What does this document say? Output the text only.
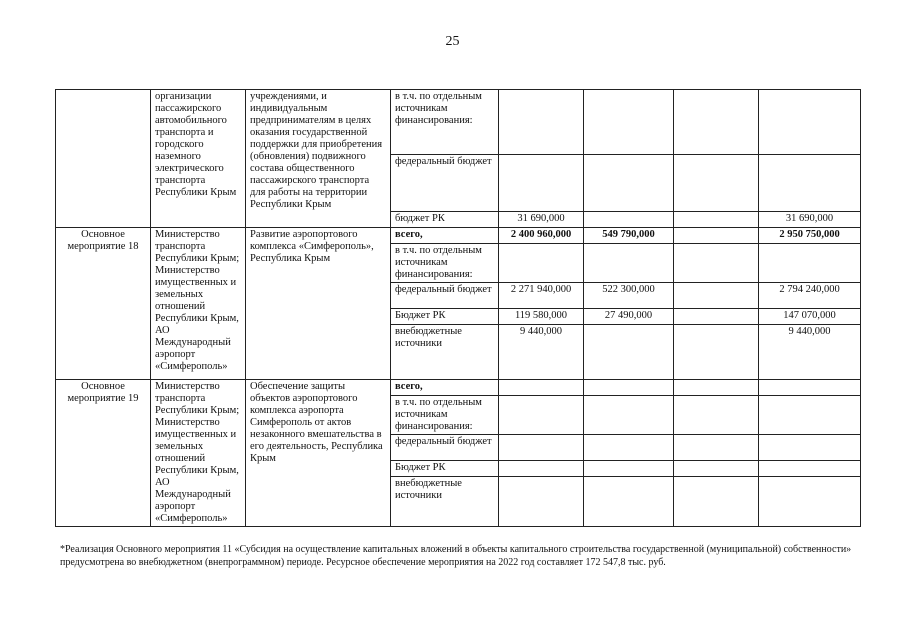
25
	организации пассажирского автомобильного транспорта и городского наземного электрического транспорта Республики Крым	учреждениями, и индивидуальным предпринимателям в целях оказания государственной поддержки для приобретения (обновления) подвижного состава общественного пассажирского транспорта для работы на территории Республики Крым	в т.ч. по отдельным источникам финансирования:				
			федеральный бюджет				
			бюджет РК	31 690,000			31 690,000
Основное мероприятие 18	Министерство транспорта Республики Крым; Министерство имущественных и земельных отношений Республики Крым, АО Международный аэропорт «Симферополь»	Развитие аэропортового комплекса «Симферополь», Республика Крым	всего,	2 400 960,000	549 790,000		2 950 750,000
			в т.ч. по отдельным источникам финансирования:				
			федеральный бюджет	2 271 940,000	522 300,000		2 794 240,000
			Бюджет РК	119 580,000	27 490,000		147 070,000
			внебюджетные источники	9 440,000			9 440,000
Основное мероприятие 19	Министерство транспорта Республики Крым; Министерство имущественных и земельных отношений Республики Крым, АО Международный аэропорт «Симферополь»	Обеспечение защиты объектов аэропортового комплекса аэропорта Симферополь от актов незаконного вмешательства в его деятельность, Республика Крым	всего,				
			в т.ч. по отдельным источникам финансирования:				
			федеральный бюджет				
			Бюджет РК				
			внебюджетные источники				
*Реализация Основного мероприятия 11 «Субсидия на осуществление капитальных вложений в объекты капитального строительства государственной (муниципальной) собственности» предусмотрена во внебюджетном (внепрограммном) периоде. Ресурсное обеспечение мероприятия на 2022 год составляет 172 547,8 тыс. руб.
